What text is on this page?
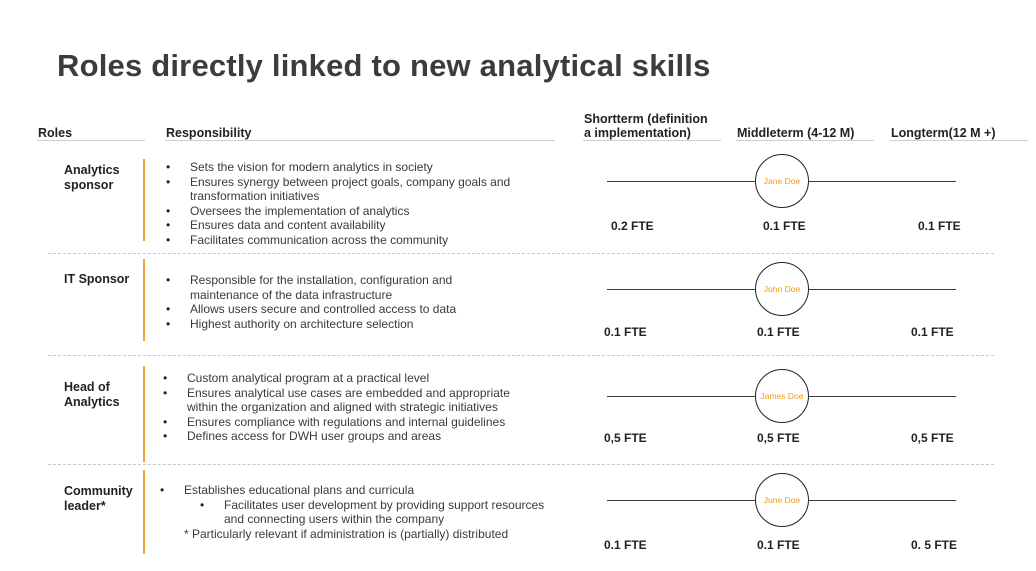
Roles directly linked to new analytical skills
Roles	Responsibility
Shortterm (definition
a implementation)	Middleterm (4-12 M)	Longterm(12 M +)
Analytics sponsor
• Sets the vision for modern analytics in society
• Ensures synergy between project goals, company goals and transformation initiatives
• Oversees the implementation of analytics
• Ensures data and content availability
• Facilitates communication across the community
Jane Doe
0.2 FTE	0.1 FTE	0.1 FTE
IT Sponsor
•	Responsible for the installation, configuration and maintenance of the data infrastructure
• Allows users secure and controlled access to data
• Highest authority on architecture selection
John Doe
0.1 FTE	0.1 FTE	0.1 FTE
Head of Analytics
• Custom analytical program at a practical level
• Ensures analytical use cases are embedded and appropriate within the organization and aligned with strategic initiatives
• Ensures compliance with regulations and internal guidelines
• Defines access for DWH user groups and areas
James Doe
0,5 FTE	0,5 FTE	0,5 FTE
Community leader*
• Establishes educational plans and curricula
• Facilitates user development by providing support resources and connecting users within the company
* Particularly relevant if administration is (partially) distributed
June Doe
0.1 FTE	0.1 FTE	0. 5 FTE
